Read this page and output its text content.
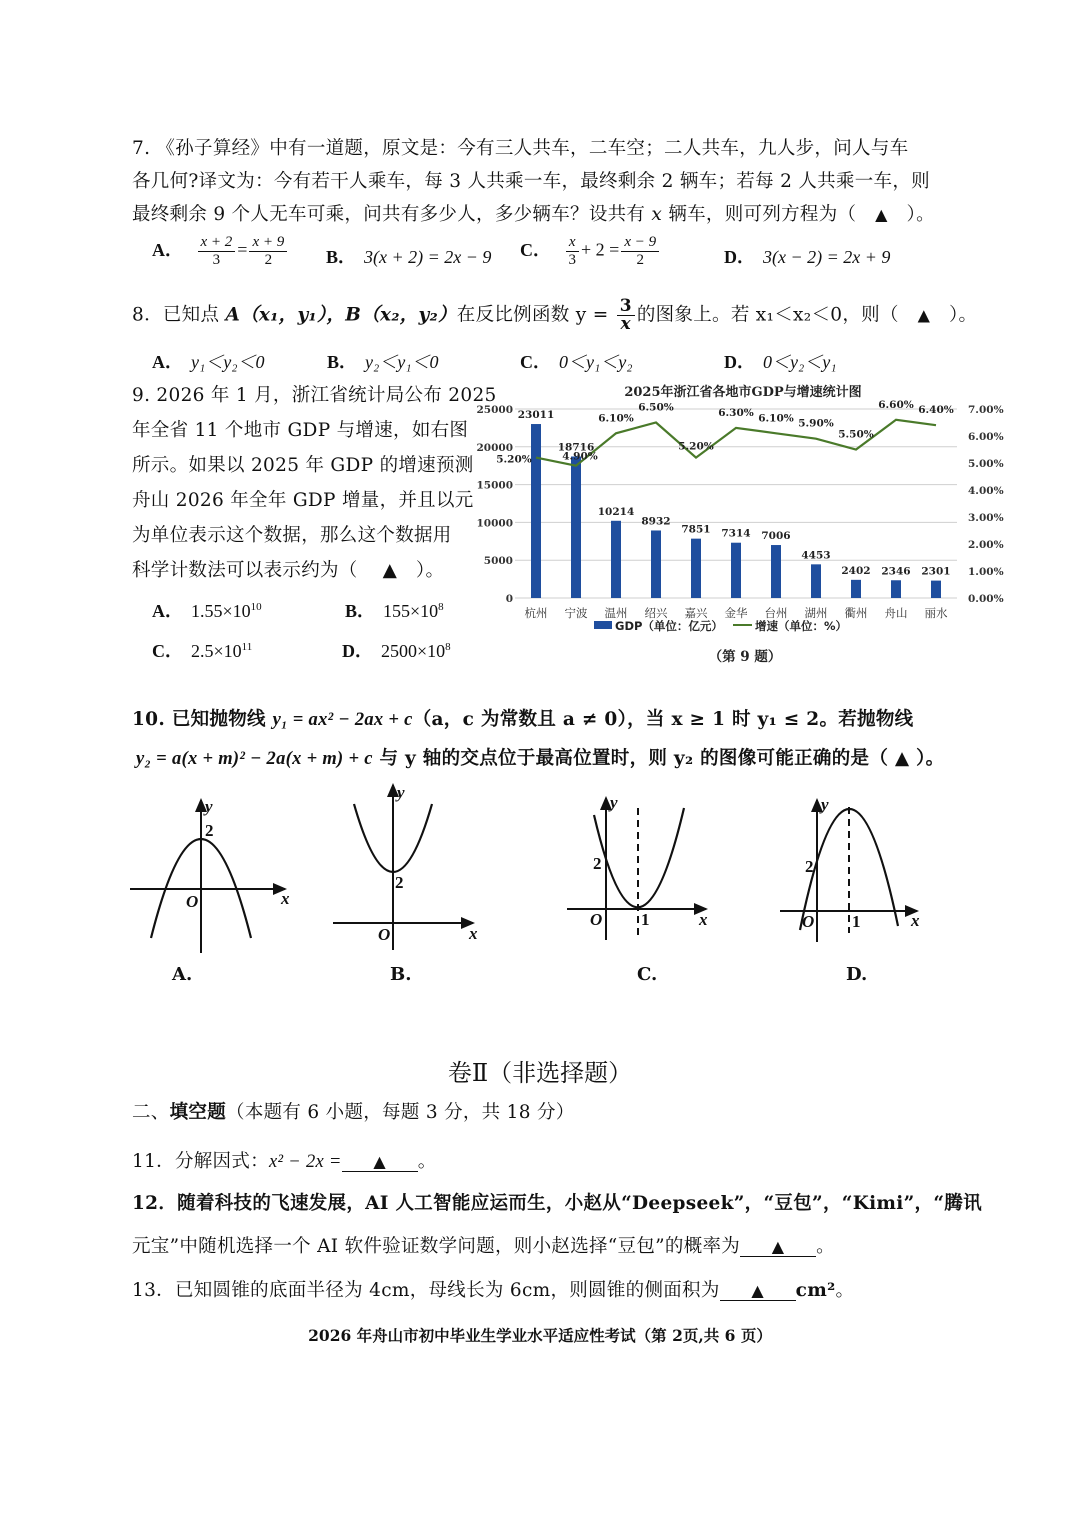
7. 《孙子算经》中有一道题，原文是：今有三人共车，二车空；二人共车，九人步，问人与车
各几何?译文为：今有若干人乘车，每 3 人共乘一车，最终剩余 2 辆车；若每 2 人共乘一车，则
最终剩余 9 个人无车可乘，问共有多少人，多少辆车？设共有 x 辆车，则可列方程为（　▲　）。
A． $\frac{x + 2}{3} = \frac{x + 9}{2}$ B． 3(x + 2) = 2x − 9 C． $\frac{x}{3} + 2 = \frac{x - 9}{2}$	D． 3(x − 2) = 2x + 9
8．已知点 A（x₁，y₁），B（x₂，y₂）在反比例函数 $y = \frac{3}{x}$ 的图象上。若 x₁＜x₂＜0，则（　▲　）。
A． y₁＜y₂＜0	B． y₂＜y₁＜0	C． 0＜y₁＜y₂	D． 0＜y₂＜y₁
9. 2026 年 1 月，浙江省统计局公布 2025
年全省 11 个地市 GDP 与增速，如右图
所示。如果以 2025 年 GDP 的增速预测
舟山 2026 年全年 GDP 增量，并且以元
为单位表示这个数据，那么这个数据用
科学计数法可以表示约为（　 ▲　）。
A． $1.55\times 10^{10}$	B． $155\times 10^8$
C． $2.5\times 10^{11}$	D． $2500\times 10^8$
2025年浙江省各地市GDP与增速统计图
0
5000
10000
15000
20000
25000
0.00%
1.00%
2.00%
3.00%
4.00%
5.00%
6.00%
7.00%
23011
18716
10214
8932
7851 7314 7006
4453
2402 2346 2301
5.20%	4.90%
6.10%
6.50%
5.20%
6.30% 6.10% 5.90%
5.50%
6.60% 6.40%
杭州 宁波 温州 绍兴 嘉兴 金华 台州 湖州 衢州 舟山 丽水
GDP（单位：亿元）	增速（单位：%）
（第 9 题）
10. 已知抛物线 y₁ = ax² − 2ax + c（a，c 为常数且 a ≠ 0），当 x ≥ 1 时 y₁ ≤ 2。若抛物线
y₂ = a(x + m)² − 2a(x + m) + c 与 y 轴的交点位于最高位置时，则 y₂ 的图像可能正确的是（ ▲ ）。
y
2
O	x
y
2
O	x
y
2
O 1	x
y
2
O 1	x
A.	B.	C.	D.
卷Ⅱ（非选择题）
二、填空题（本题有 6 小题，每题 3 分，共 18 分）
11．分解因式：x² − 2x = ▲ 。
12．随着科技的飞速发展，AI 人工智能应运而生，小赵从“Deepseek”，“豆包”，“Kimi”，“腾讯
元宝”中随机选择一个 AI 软件验证数学问题，则小赵选择“豆包”的概率为 ▲ 。
13．已知圆锥的底面半径为 4cm，母线长为 6cm，则圆锥的侧面积为 ▲ cm²。
2026 年舟山市初中毕业生学业水平适应性考试（第 2页,共 6 页）
